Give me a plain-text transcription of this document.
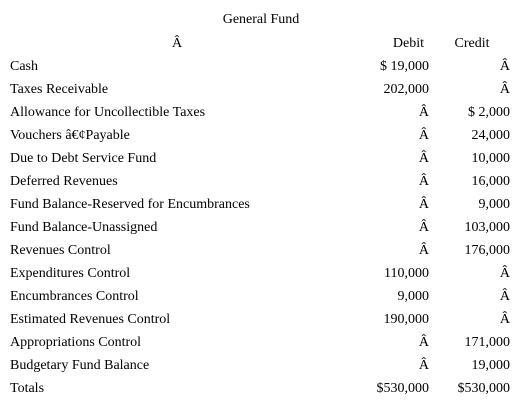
General Fund
Â	Debit	Credit
Cash	$ 19,000	Â
Taxes Receivable	202,000	Â
Allowance for Uncollectible Taxes	Â	$ 2,000
Vouchers â€¢Payable	Â	24,000
Due to Debt Service Fund	Â	10,000
Deferred Revenues	Â	16,000
Fund Balance-Reserved for Encumbrances	Â	9,000
Fund Balance-Unassigned	Â	103,000
Revenues Control	Â	176,000
Expenditures Control	110,000	Â
Encumbrances Control	9,000	Â
Estimated Revenues Control	190,000	Â
Appropriations Control	Â	171,000
Budgetary Fund Balance	Â	19,000
Totals	$530,000	$530,000
